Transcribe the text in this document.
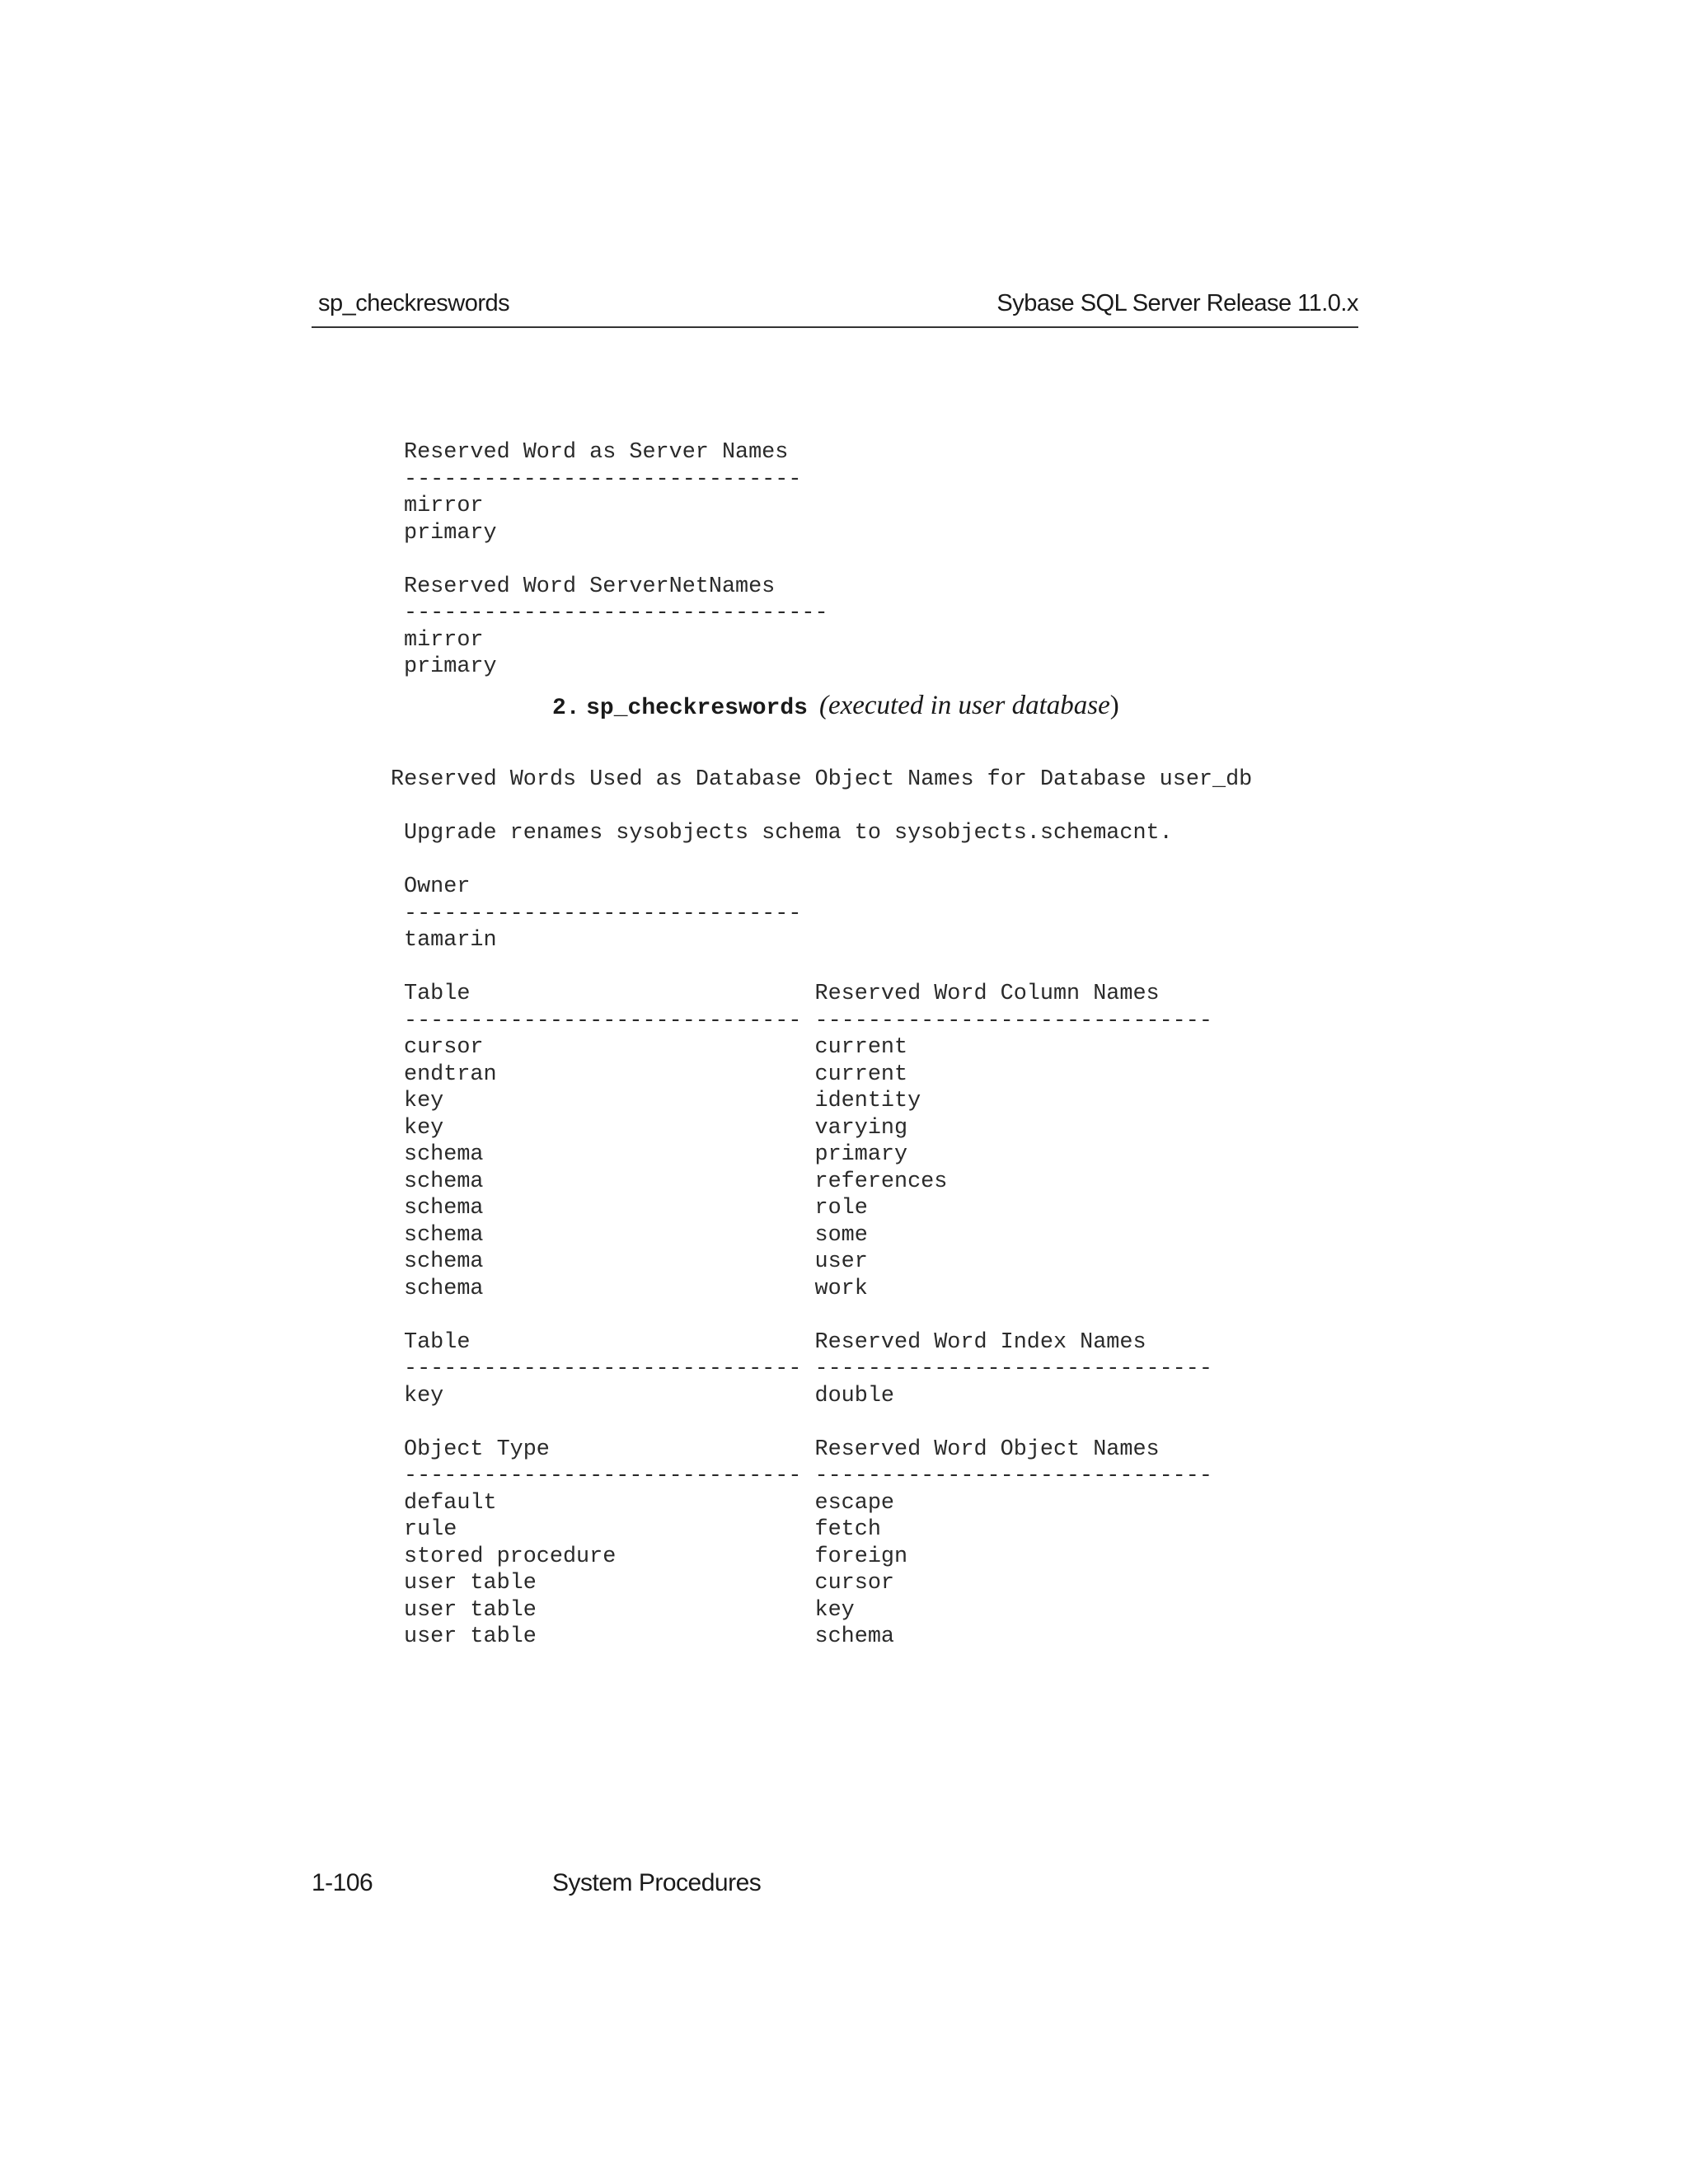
sp_checkreswords	Sybase SQL Server Release 11.0.x
Reserved Word as Server Names
------------------------------
mirror
primary

Reserved Word ServerNetNames
--------------------------------
mirror
primary
2. sp_checkreswords (executed in user database)
Reserved Words Used as Database Object Names for Database user_db
Upgrade renames sysobjects schema to sysobjects.schemacnt.

Owner
------------------------------
tamarin

Table                          Reserved Word Column Names
------------------------------ ------------------------------
cursor                         current
endtran                        current
key                            identity
key                            varying
schema                         primary
schema                         references
schema                         role
schema                         some
schema                         user
schema                         work

Table                          Reserved Word Index Names
------------------------------ ------------------------------
key                            double

Object Type                    Reserved Word Object Names
------------------------------ ------------------------------
default                        escape
rule                           fetch
stored procedure               foreign
user table                     cursor
user table                     key
user table                     schema
1-106	System Procedures
